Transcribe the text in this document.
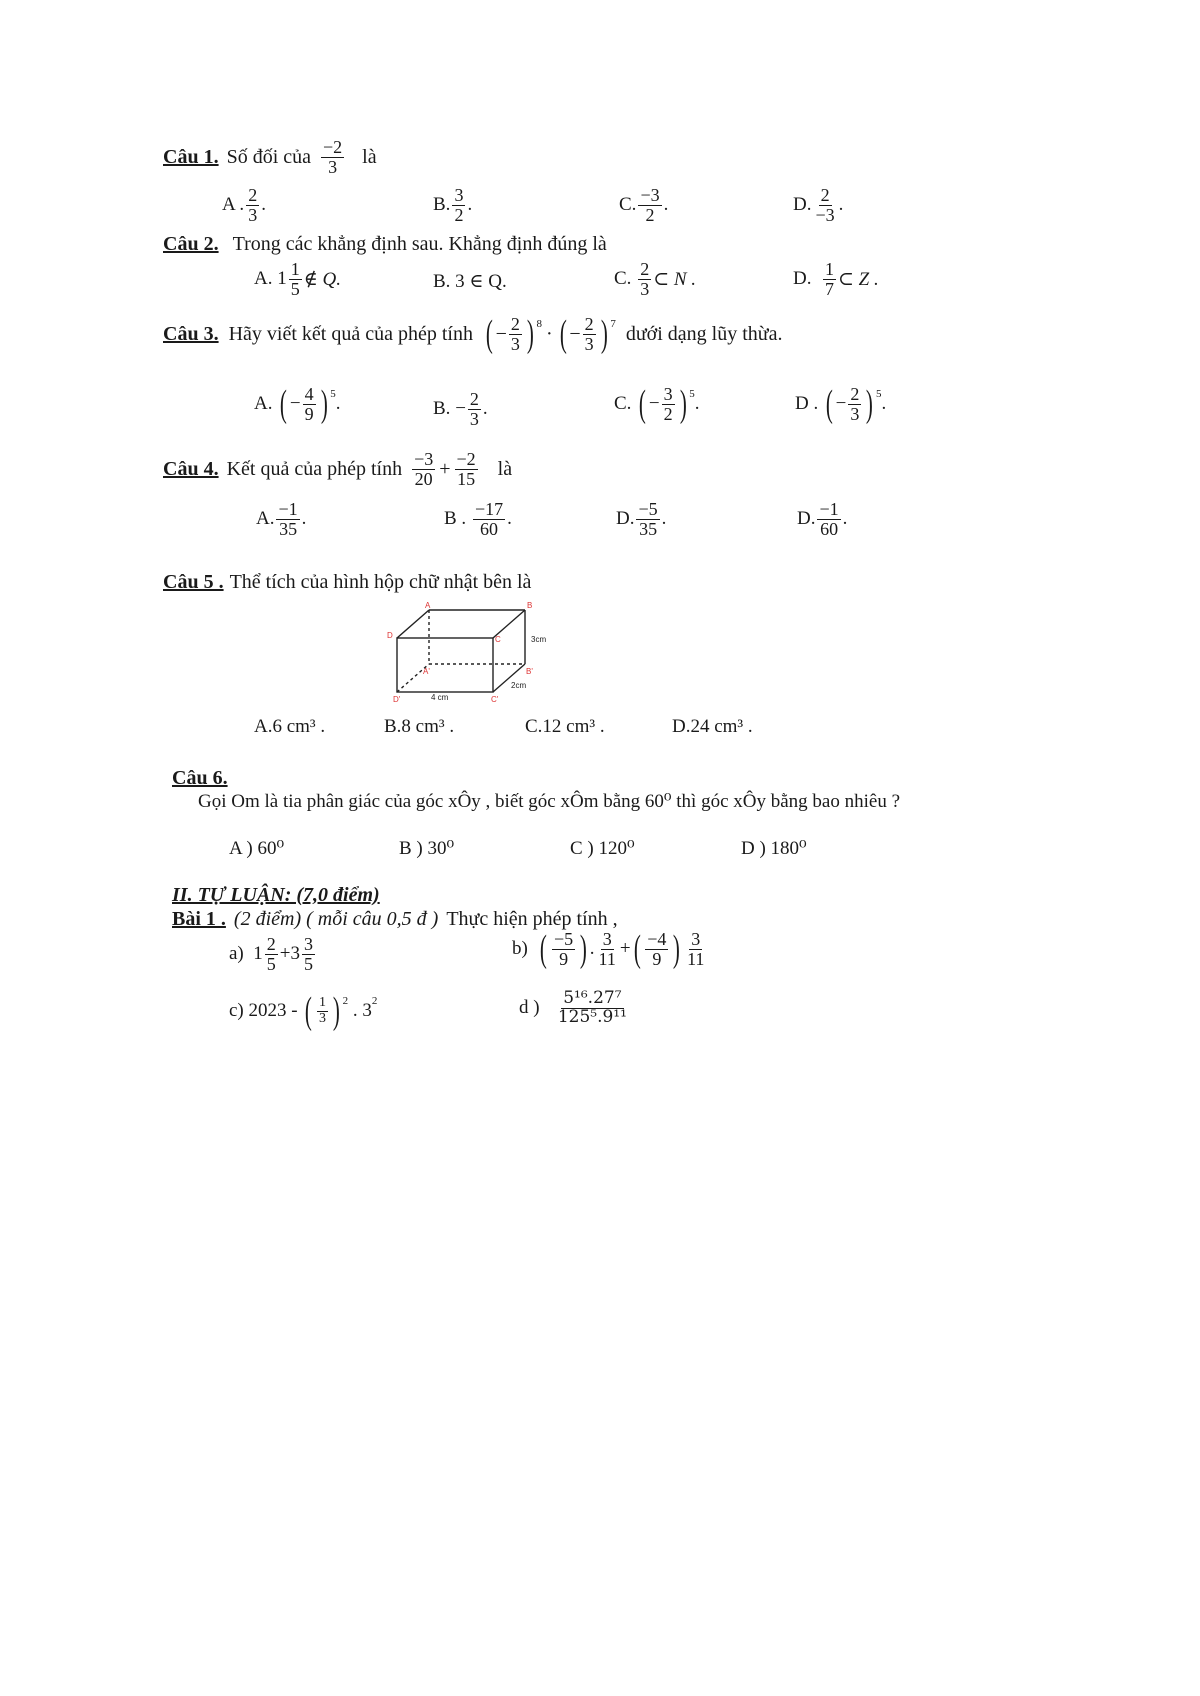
Câu 1. Số đối của $\frac{-2}{3}$ là
A . $\frac{2}{3}$ .	B. $\frac{3}{2}$ .	C. $\frac{-3}{2}$ .	D. $\frac{2}{-3}$ .
Câu 2. Trong các khẳng định sau. Khẳng định đúng là
A.
$1 \frac{1}{5}$ ∉ Q.	B. 3 ∈ Q.	C.
$\frac{2}{3}$ ⊂ N .	D.
$\frac{1}{7}$ ⊂ Z .
Câu 3. Hãy viết kết quả của phép tính ( − $\frac{2}{3}$ ) 8 · ( − $\frac{2}{3}$ ) 7 dưới dạng lũy thừa.
A.
( − $\frac{4}{9}$ ) 5 .	B.
− $\frac{2}{3}$ .	C.
( − $\frac{3}{2}$ ) 5 .	D .
( − $\frac{2}{3}$ ) 5 .
Câu 4. Kết quả của phép tính $\frac{-3}{20} + \frac{-2}{15}$ là
A. $\frac{-1}{35}$ .	B .
$\frac{-17}{60}$ .	D. $\frac{-5}{35}$ .	D. $\frac{-1}{60}$ .
Câu 5 . Thể tích của hình hộp chữ nhật bên là
A	B
C
D
A'	B'
C'
D'
3cm
2cm
4 cm
A.6 cm³ .	B.8 cm³ .	C.12 cm³ .	D.24 cm³ .
Câu 6.
Gọi Om là tia phân giác của góc xÔy , biết góc xÔm bằng 60⁰ thì góc xÔy bằng bao nhiêu ?
A ) 60⁰	B ) 30⁰	C ) 120⁰	D ) 180⁰
II. TỰ LUẬN: (7,0 điểm)
Bài 1 . (2 điểm) ( mỗi câu 0,5 đ ) Thực hiện phép tính ,
a)
$1 \frac{2}{5} + 3 \frac{3}{5}$	b)
( $\frac{-5}{9}$ ) . $\frac{3}{11}$ + ( $\frac{-4}{9}$ ) $\frac{3}{11}$
c)
2023 -
( $\frac{1}{3}$ ) 2
. 3 2	d )
$\frac{\text{5¹⁶.27⁷}}{\text{125⁵.9¹¹}}$
